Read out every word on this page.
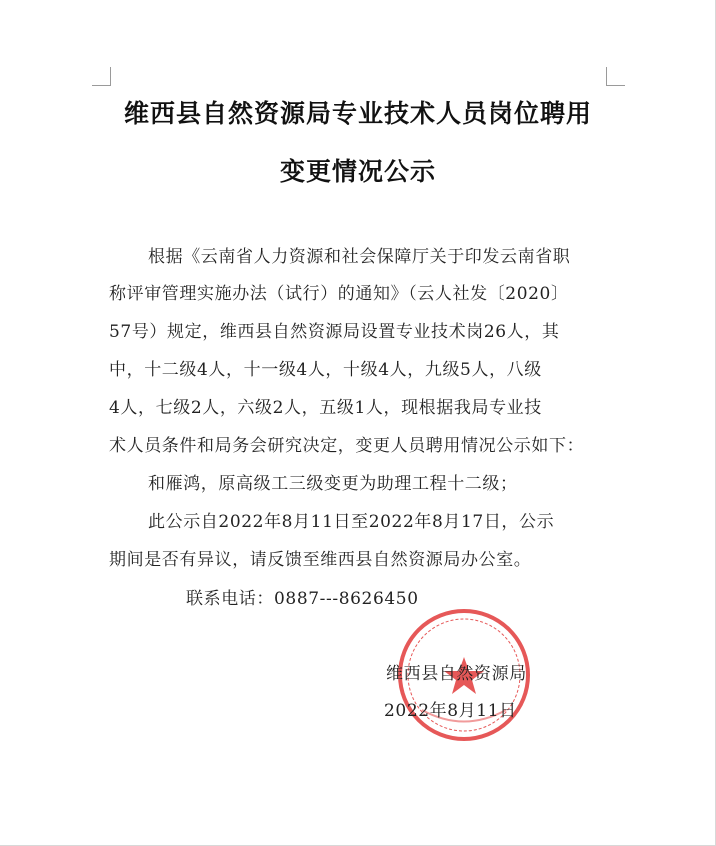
维西县自然资源局专业技术人员岗位聘用
变更情况公示
根据《云南省人力资源和社会保障厅关于印发云南省职
称评审管理实施办法（试行）的通知》（云人社发〔2020〕
57号）规定，维西县自然资源局设置专业技术岗26人，其
中，十二级4人，十一级4人，十级4人，九级5人，八级
4人，七级2人，六级2人，五级1人，现根据我局专业技
术人员条件和局务会研究决定，变更人员聘用情况公示如下：
和雁鸿，原高级工三级变更为助理工程十二级；
此公示自2022年8月11日至2022年8月17日，公示
期间是否有异议，请反馈至维西县自然资源局办公室。
联系电话：0887---8626450
维西县自然资源局
2022年8月11日
